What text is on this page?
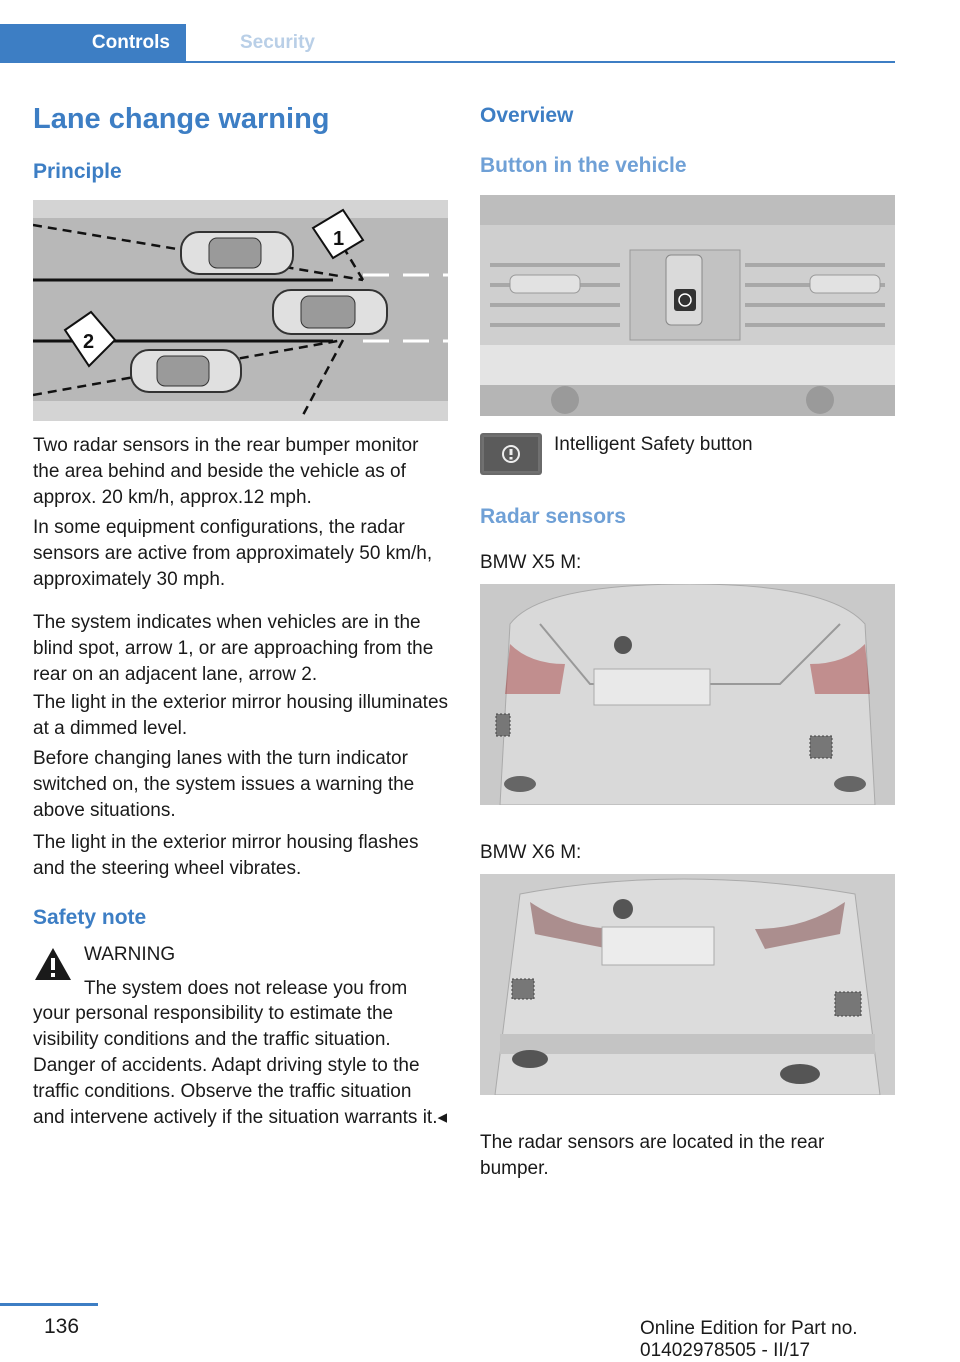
Controls	Security
Lane change warning
Principle
1
2

Two radar sensors in the rear bumper monitor the area behind and beside the vehicle as of approx. 20 km/h, approx.12 mph.

In some equipment configurations, the radar sensors are active from approximately 50 km/h, approximately 30 mph.

The system indicates when vehicles are in the blind spot, arrow 1, or are approaching from the rear on an adjacent lane, arrow 2.

The light in the exterior mirror housing illuminates at a dimmed level.

Before changing lanes with the turn indicator switched on, the system issues a warning the above situations.

The light in the exterior mirror housing flashes and the steering wheel vibrates.

Safety note

WARNING

The system does not release you from

your personal responsibility to estimate the visibility conditions and the traffic situation. Danger of accidents. Adapt driving style to the traffic conditions. Observe the traffic situation and intervene actively if the situation warrants it.◂

Overview
Button in the vehicle

Intelligent Safety button

Radar sensors

BMW X5 M:

BMW X6 M:

The radar sensors are located in the rear bumper.

136	Online Edition for Part no. 01402978505 - II/17
